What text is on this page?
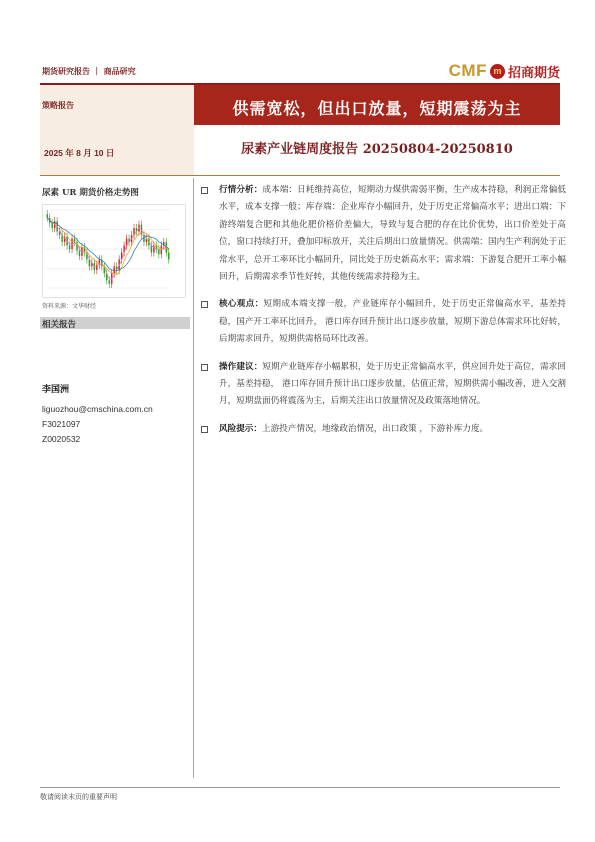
期货研究报告 ｜ 商品研究	CMF m 招商期货
策略报告
2025 年 8 月 10 日
供需宽松，但出口放量，短期震荡为主
尿素产业链周度报告 20250804-20250810
尿素 UR 期货价格走势图
资料来源：文华财经
相关报告
李国洲
liguozhou@cmschina.com.cn
F3021097
Z0020532
行情分析：成本端：日耗维持高位，短期动力煤供需弱平衡，生产成本持稳，利润正常偏低水平，成本支撑一般；库存端：企业库存小幅回升，处于历史正常偏高水平；进出口端：下游终端复合肥和其他化肥价格价差偏大，导致与复合肥的存在比价优势，出口价差处于高位，窗口持续打开，叠加印标放开，关注后期出口放量情况。供需端：国内生产利润处于正常水平，总开工率环比小幅回升，同比处于历史新高水平；需求端：下游复合肥开工率小幅回升，后期需求季节性好转，其他传统需求持稳为主。
核心观点：短期成本端支撑一般，产业链库存小幅回升，处于历史正常偏高水平，基差持稳，国产开工率环比回升， 港口库存回升预计出口逐步放量，短期下游总体需求环比好转，后期需求回升，短期供需格局环比改善。
操作建议：短期产业链库存小幅累积，处于历史正常偏高水平，供应回升处于高位，需求回升，基差持稳， 港口库存回升预计出口逐步放量，估值正常，短期供需小幅改善，进入交割月，短期盘面仍将震荡为主，后期关注出口放量情况及政策落地情况。
风险提示：上游投产情况，地缘政治情况，出口政策 ，下游补库力度。
敬请阅读末页的重要声明
